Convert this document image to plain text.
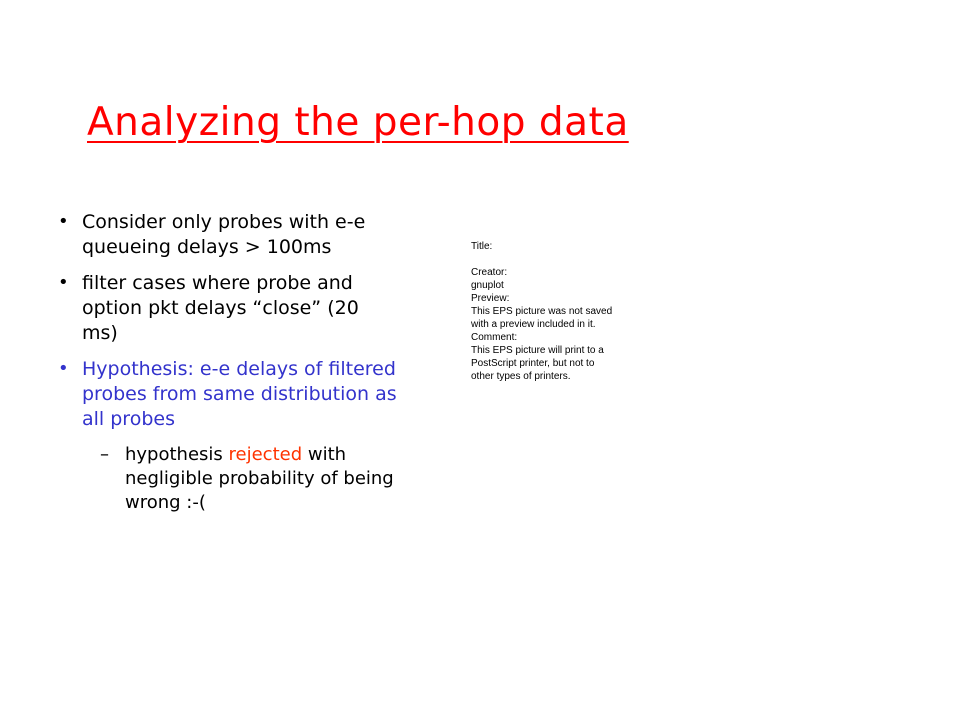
Analyzing the per-hop data
• Consider only probes with e-e queueing delays > 100ms
• filter cases where probe and option pkt delays “close” (20 ms)
• Hypothesis: e-e delays of filtered probes from same distribution as all probes
– hypothesis rejected with negligible probability of being wrong :-(
Title:
Creator:
gnuplot
Preview:
This EPS picture was not saved
with a preview included in it.
Comment:
This EPS picture will print to a
PostScript printer, but not to
other types of printers.
